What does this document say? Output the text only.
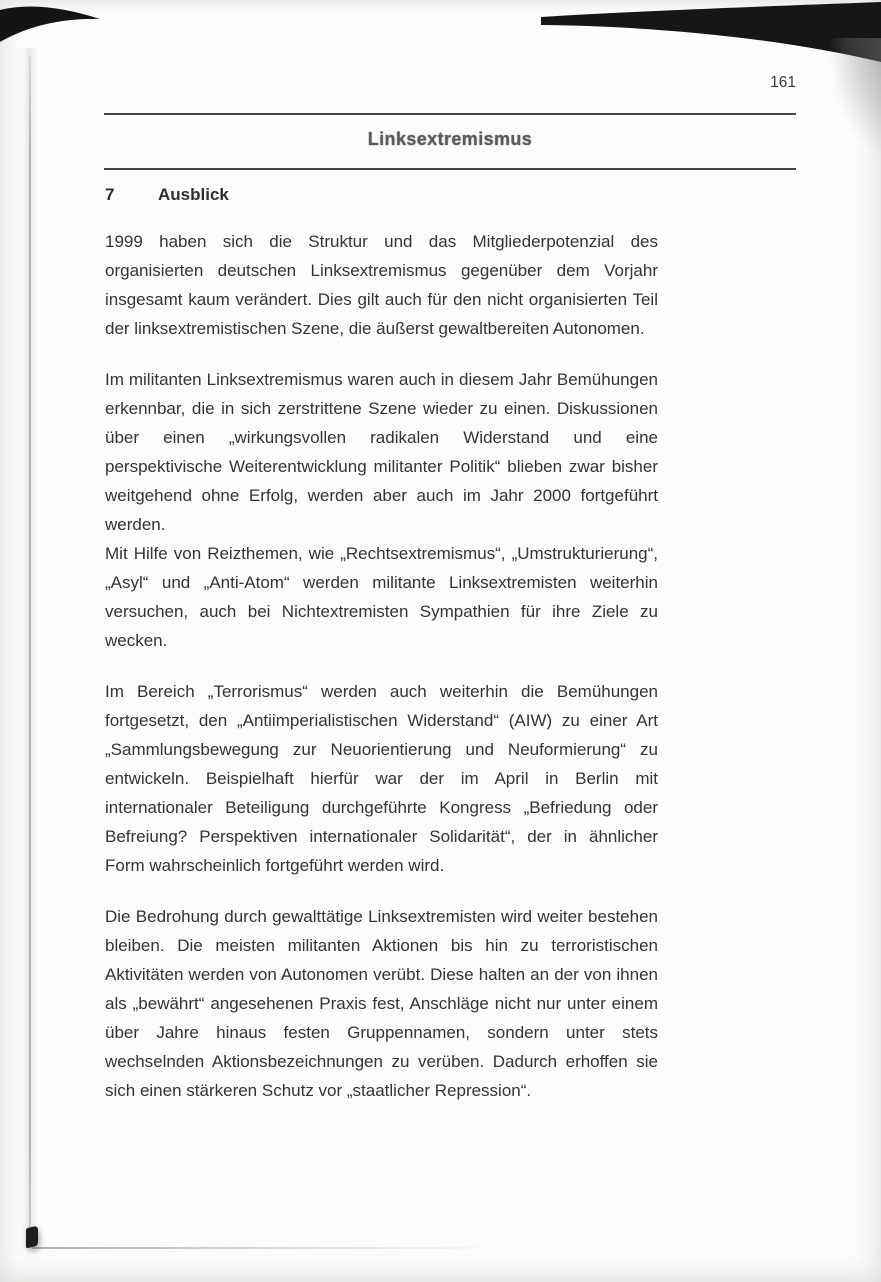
161
Linksextremismus
7	Ausblick

1999 haben sich die Struktur und das Mitgliederpotenzial des organisierten deutschen Linksextremismus gegenüber dem Vorjahr insgesamt kaum verändert. Dies gilt auch für den nicht organisierten Teil der linksextremistischen Szene, die äußerst gewaltbereiten Autonomen.

Im militanten Linksextremismus waren auch in diesem Jahr Bemühungen erkennbar, die in sich zerstrittene Szene wieder zu einen. Diskussionen über einen „wirkungsvollen radikalen Widerstand und eine perspektivische Weiterentwicklung militanter Politik“ blieben zwar bisher weitgehend ohne Erfolg, werden aber auch im Jahr 2000 fortgeführt werden.

Mit Hilfe von Reizthemen, wie „Rechtsextremismus“, „Umstrukturierung“, „Asyl“ und „Anti-Atom“ werden militante Linksextremisten weiterhin versuchen, auch bei Nichtextremisten Sympathien für ihre Ziele zu wecken.

Im Bereich „Terrorismus“ werden auch weiterhin die Bemühungen fortgesetzt, den „Antiimperialistischen Widerstand“ (AIW) zu einer Art „Sammlungsbewegung zur Neuorientierung und Neuformierung“ zu entwickeln. Beispielhaft hierfür war der im April in Berlin mit internationaler Beteiligung durchgeführte Kongress „Befriedung oder Befreiung? Perspektiven internationaler Solidarität“, der in ähnlicher Form wahrscheinlich fortgeführt werden wird.

Die Bedrohung durch gewalttätige Linksextremisten wird weiter bestehen bleiben. Die meisten militanten Aktionen bis hin zu terroristischen Aktivitäten werden von Autonomen verübt. Diese halten an der von ihnen als „bewährt“ angesehenen Praxis fest, Anschläge nicht nur unter einem über Jahre hinaus festen Gruppennamen, sondern unter stets wechselnden Aktionsbezeichnungen zu verüben. Dadurch erhoffen sie sich einen stärkeren Schutz vor „staatlicher Repression“.
